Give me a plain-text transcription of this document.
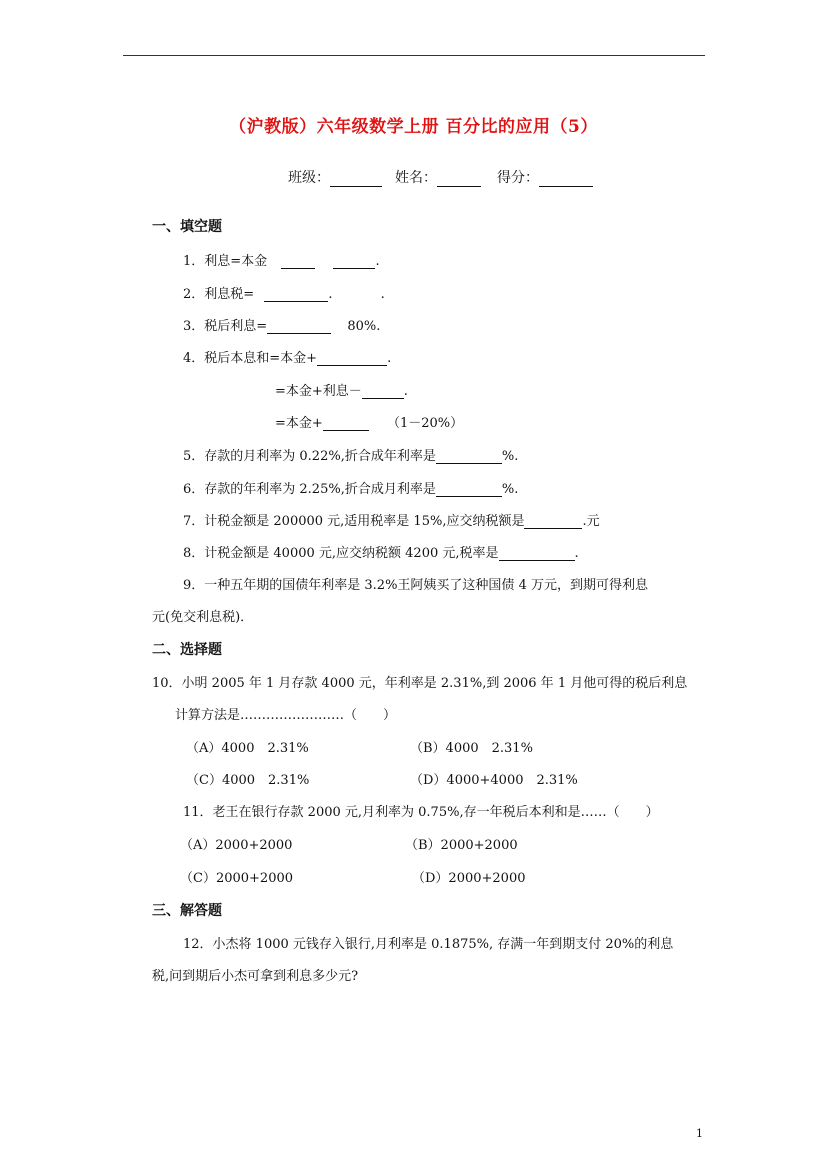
（沪教版）六年级数学上册 百分比的应用（5）
班级：	姓名：	得分：
一、填空题
1．利息=本金	.
2．利息税=	.	.
3．税后利息=	80%.
4．税后本息和=本金+	.
=本金+利息－	.
=本金+	（1－20%）
5．存款的月利率为 0.22%,折合成年利率是	%.
6．存款的年利率为 2.25%,折合成月利率是	%.
7．计税金额是 200000 元,适用税率是 15%,应交纳税额是	.元
8．计税金额是 40000 元,应交纳税额 4200 元,税率是	.
9．一种五年期的国债年利率是 3.2%王阿姨买了这种国债 4 万元，到期可得利息
元(免交利息税)．
二、选择题
10．小明 2005 年 1 月存款 4000 元，年利率是 2.31%,到 2006 年 1 月他可得的税后利息
计算方法是……………………（　　）
（A）4000　2.31%	（B）4000　2.31%
（C）4000　2.31%	（D）4000+4000　2.31%
11．老王在银行存款 2000 元,月利率为 0.75%,存一年税后本利和是……（　　）
（A）2000+2000	（B）2000+2000
（C）2000+2000	（D）2000+2000
三、解答题
12．小杰将 1000 元钱存入银行,月利率是 0.1875%, 存满一年到期支付 20%的利息
税,问到期后小杰可拿到利息多少元?
1
